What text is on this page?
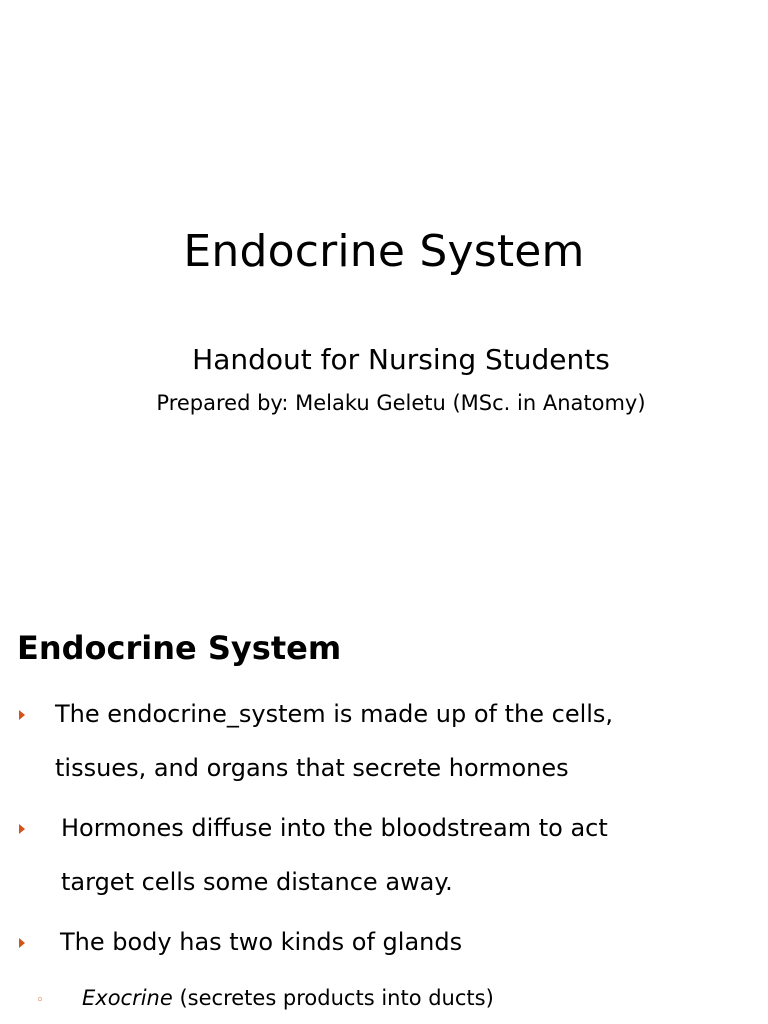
Endocrine System

Handout for Nursing Students

Prepared by: Melaku Geletu (MSc. in Anatomy)

Endocrine System
The endocrine_system is made up of the cells,
tissues, and organs that secrete hormones
Hormones diffuse into the bloodstream to act
target cells some distance away.
The body has two kinds of glands
◦ Exocrine (secretes products into ducts)
